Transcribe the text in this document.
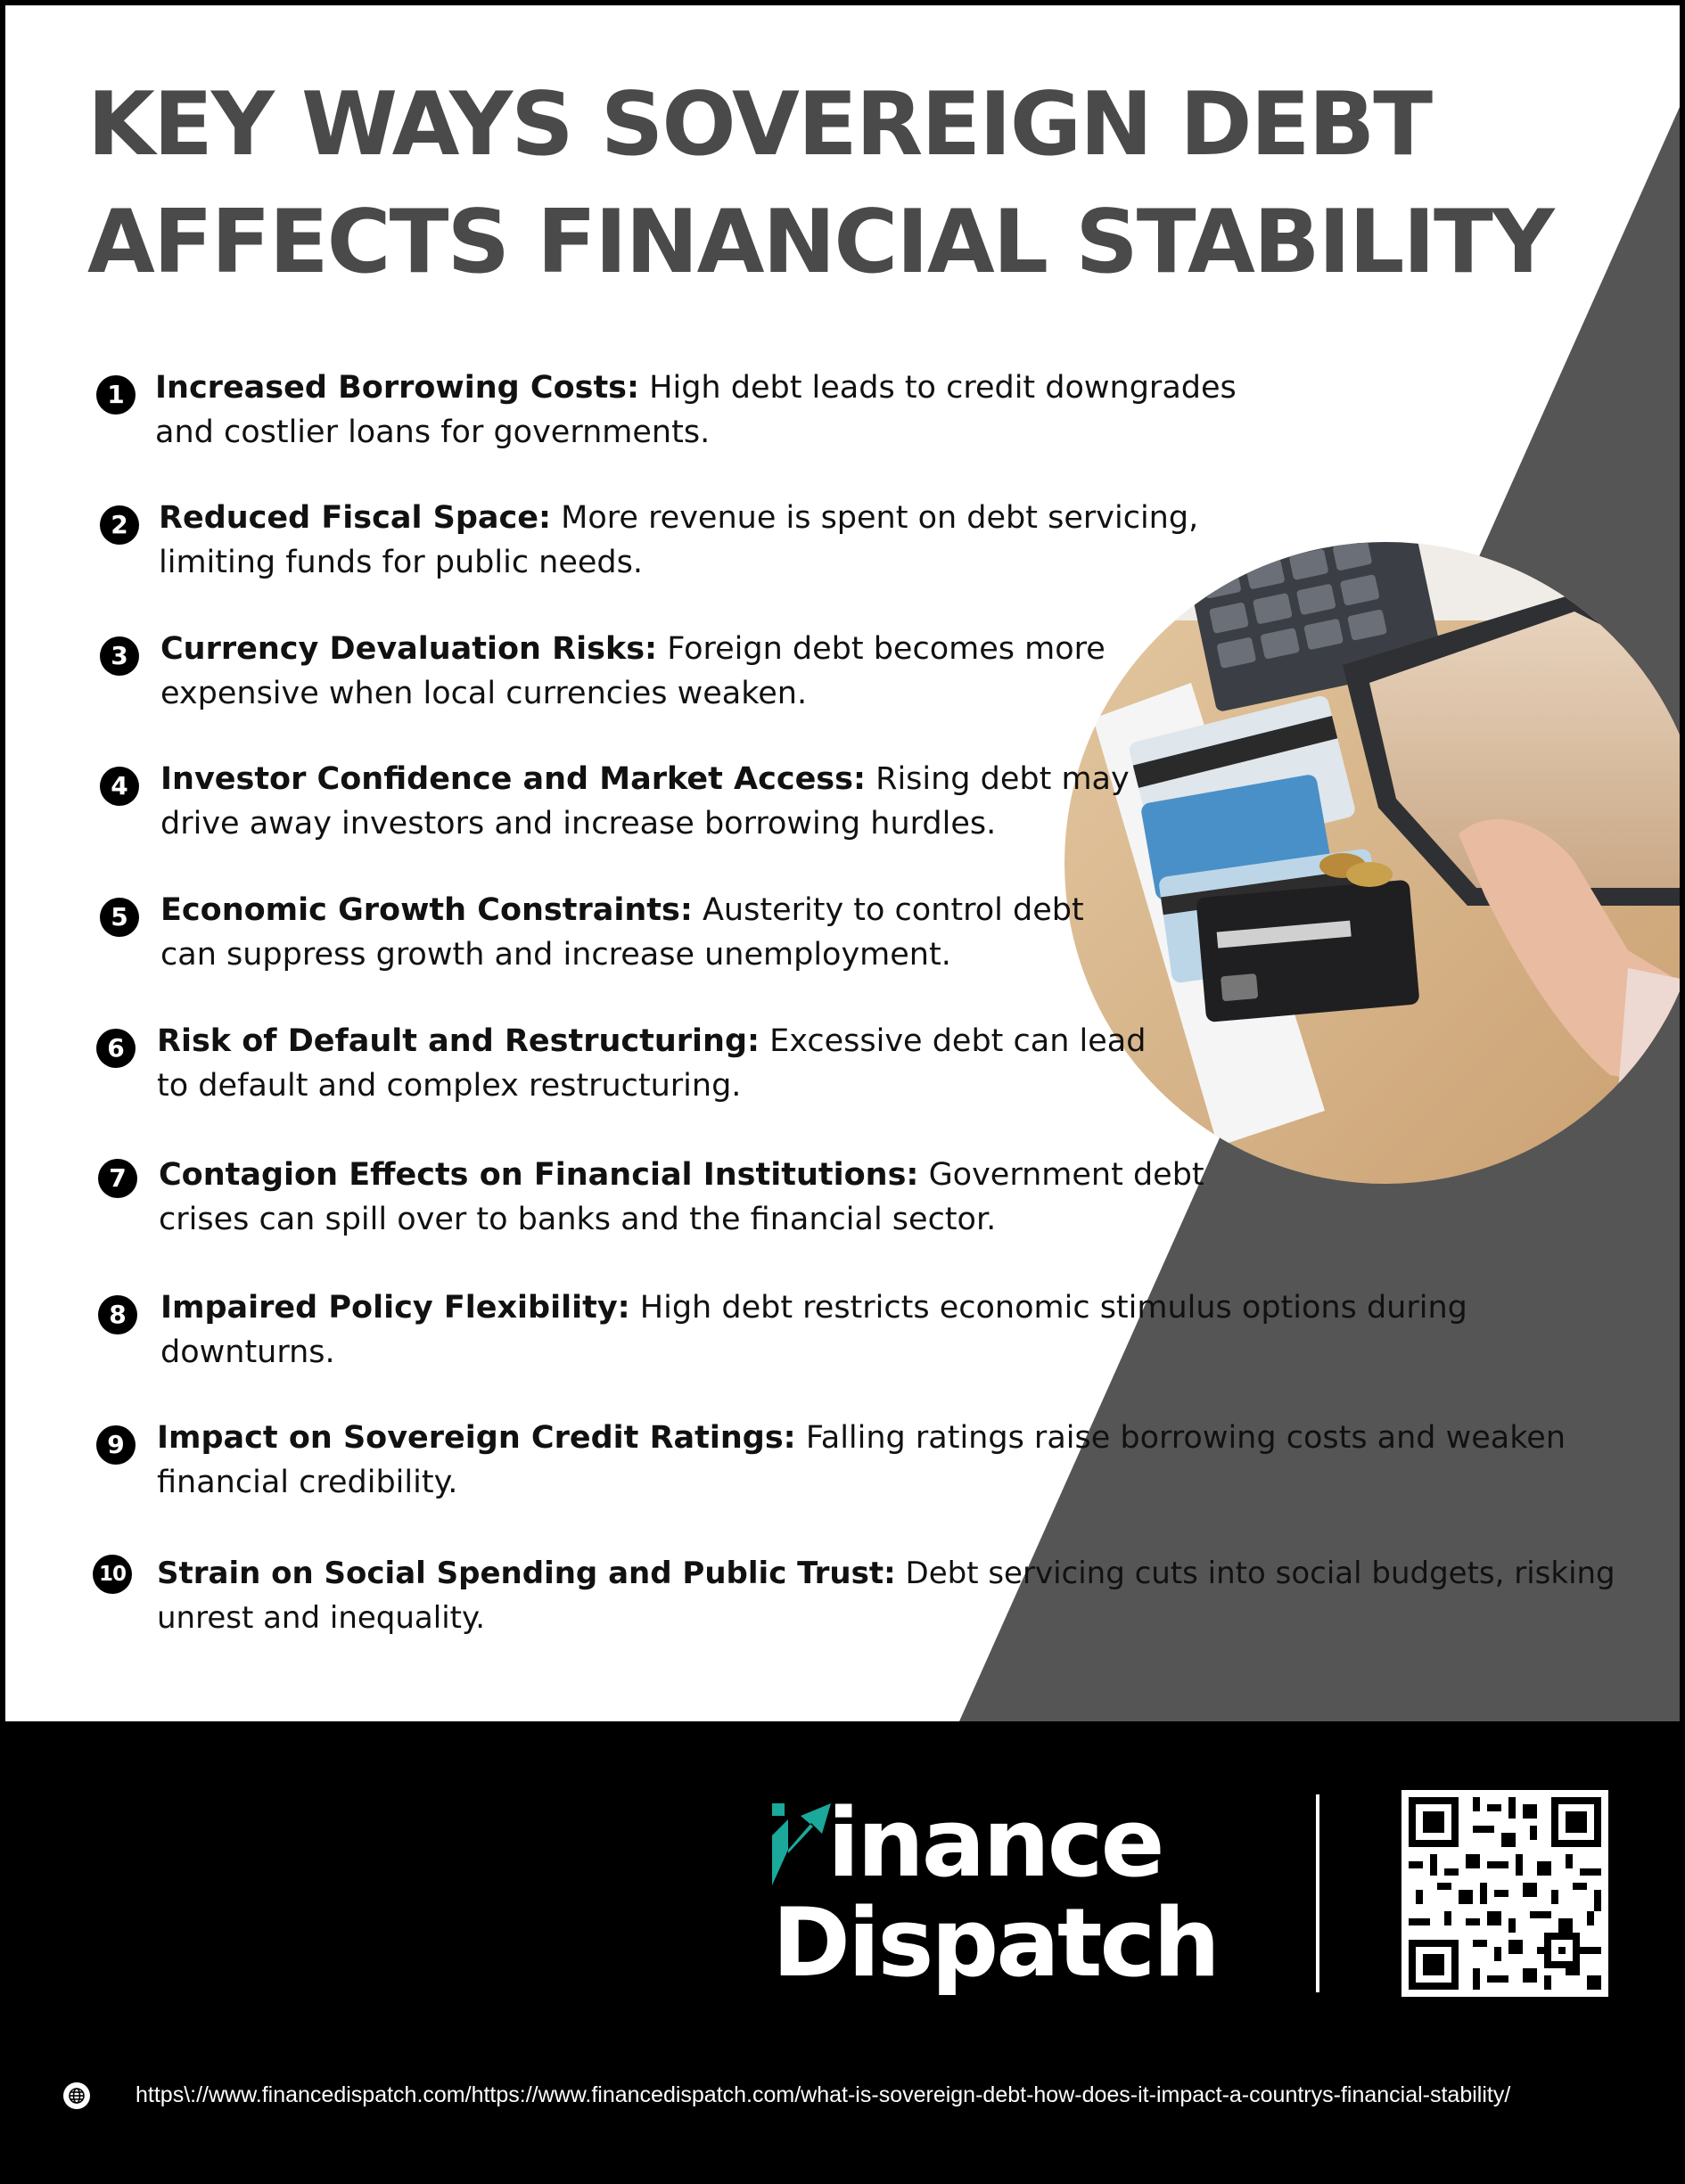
KEY WAYS SOVEREIGN DEBT AFFECTS FINANCIAL STABILITY
1 Increased Borrowing Costs: High debt leads to credit downgrades
and costlier loans for governments.
2 Reduced Fiscal Space: More revenue is spent on debt servicing,
limiting funds for public needs.
3	Currency Devaluation Risks: Foreign debt becomes more
expensive when local currencies weaken.
4	Investor Confidence and Market Access: Rising debt may
drive away investors and increase borrowing hurdles.
5	Economic Growth Constraints: Austerity to control debt
can suppress growth and increase unemployment.
6	Risk of Default and Restructuring: Excessive debt can lead
to default and complex restructuring.
7	Contagion Effects on Financial Institutions: Government debt
crises can spill over to banks and the financial sector.
8	Impaired Policy Flexibility: High debt restricts economic stimulus options during
downturns.
9	Impact on Sovereign Credit Ratings: Falling ratings raise borrowing costs and weaken
financial credibility.
10 Strain on Social Spending and Public Trust: Debt servicing cuts into social budgets, risking
unrest and inequality.
inance
Dispatch
https\://www.financedispatch.com/https://www.financedispatch.com/what-is-sovereign-debt-how-does-it-impact-a-countrys-financial-stability/
